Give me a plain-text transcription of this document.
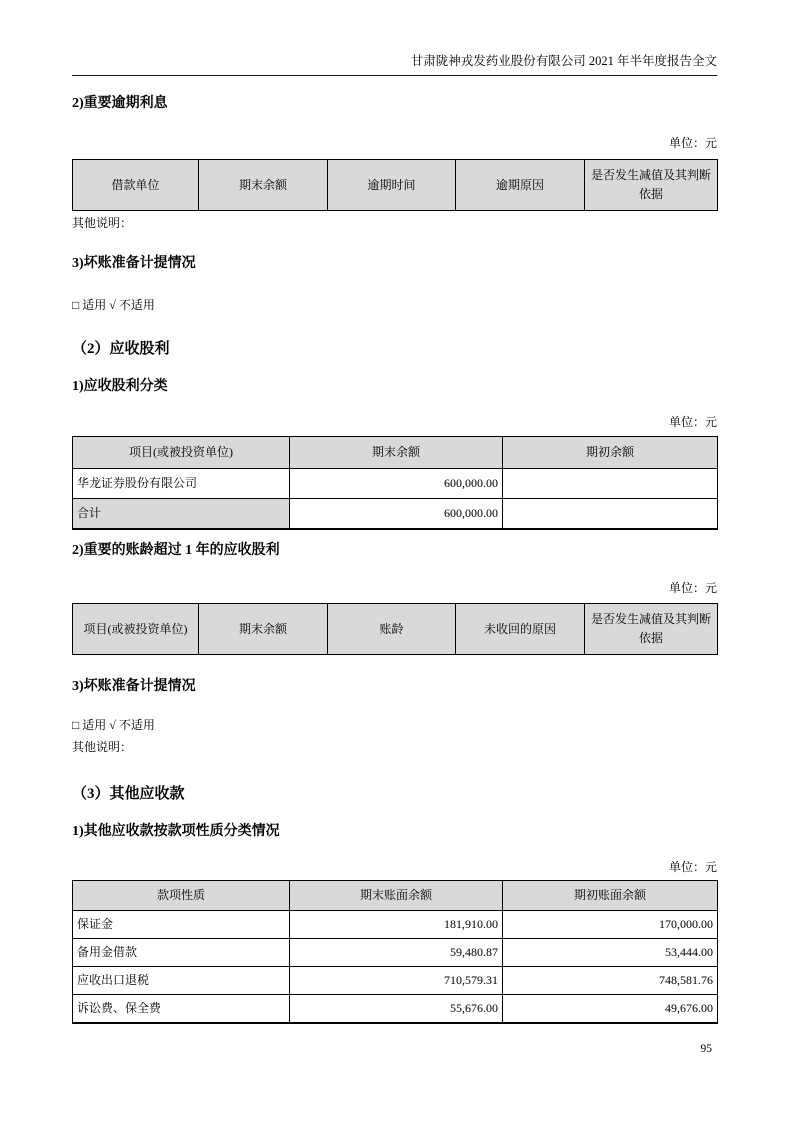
甘肃陇神戎发药业股份有限公司 2021 年半年度报告全文
2)重要逾期利息
单位：元
借款单位	期末余额	逾期时间	逾期原因	是否发生减值及其判断依据
其他说明：
3)坏账准备计提情况
□ 适用 √ 不适用
（2）应收股利
1)应收股利分类
单位：元
项目(或被投资单位)	期末余额	期初余额
华龙证券股份有限公司	600,000.00	
合计	600,000.00	
2)重要的账龄超过 1 年的应收股利
单位：元
项目(或被投资单位)	期末余额	账龄	未收回的原因	是否发生减值及其判断依据
3)坏账准备计提情况
□ 适用 √ 不适用
其他说明：
（3）其他应收款
1)其他应收款按款项性质分类情况
单位：元
款项性质	期末账面余额	期初账面余额
保证金	181,910.00	170,000.00
备用金借款	59,480.87	53,444.00
应收出口退税	710,579.31	748,581.76
诉讼费、保全费	55,676.00	49,676.00
95
